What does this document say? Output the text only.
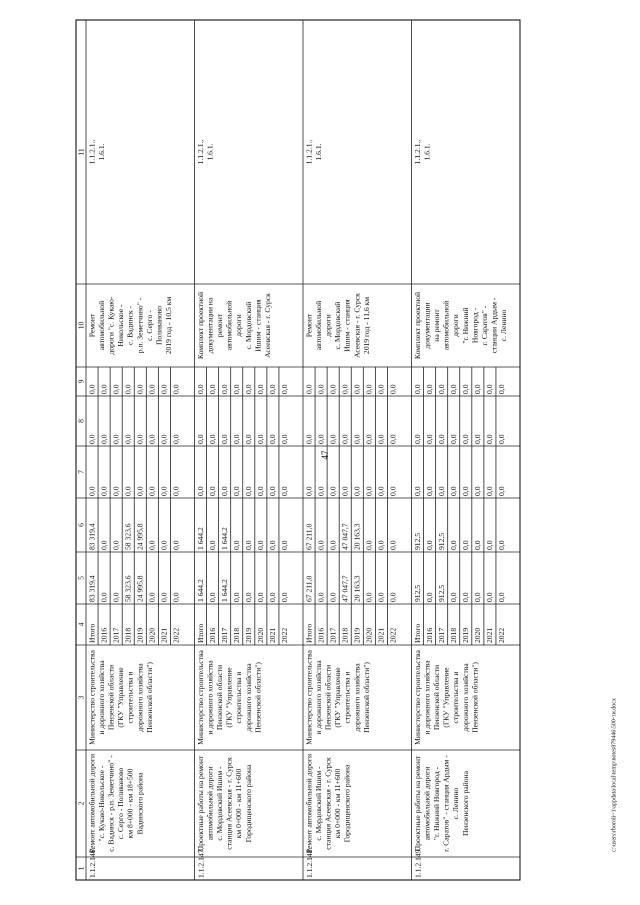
47
c:\users\rboroli~1\appdata\local\temp\notes879446\500-ти.docx
1
2
3
4
5
6
7
8
9
10
11
1.1.2.146.
Ремонт автомобильной дороги "с. Кукаю-Никольское - с. Вадинск - р.п. Земетчино" - с. Серго - Поливаново км 8+000 - км 18+500 Вадинского района
Министерство строительства и дорожного хозяйства Пензенской области (ГКУ "Управление строительства и дорожного хозяйства Пензенской области")
Итого
83 319,4
83 319,4
0,0
0,0
0,0
2016
0,0
0,0
0,0
0,0
0,0
2017
0,0
0,0
0,0
0,0
0,0
2018
58 323,6
58 323,6
0,0
0,0
0,0
2019
24 995,8
24 995,8
0,0
0,0
0,0
2020
0,0
0,0
0,0
0,0
0,0
2021
0,0
0,0
0,0
0,0
0,0
2022
0,0
0,0
0,0
0,0
0,0
Ремонт автомобильной дороги "с. Кукаю- Никольское - с. Вадинск - р.п. Земетчино" - с. Серго - Поливаново 2019 год - 10,5 км
1.1.2.1., 1.6.1.
1.1.2.147.
Проектные работы на ремонт автомобильной дороги с. Мордовский Ишим - станция Асеевская - г. Сурск км 0+000 - км 11+600 Городищенского района
Министерство строительства и дорожного хозяйства Пензенской области (ГКУ "Управление строительства и дорожного хозяйства Пензенской области")
Итого
1 644,2
1 644,2
0,0
0,0
0,0
2016
0,0
0,0
0,0
0,0
0,0
2017
1 644,2
1 644,2
0,0
0,0
0,0
2018
0,0
0,0
0,0
0,0
0,0
2019
0,0
0,0
0,0
0,0
0,0
2020
0,0
0,0
0,0
0,0
0,0
2021
0,0
0,0
0,0
0,0
0,0
2022
0,0
0,0
0,0
0,0
0,0
Комплект проектной документации на ремонт автомобильной дороги с. Мордовский Ишим - станция Асеевская - г. Сурск
1.1.2.1., 1.6.1.
1.1.2.148.
Ремонт автомобильной дороги с. Мордовский Ишим - станция Асеевская - г. Сурск км 0+000 - км 11+600 Городищенского района
Министерство строительства и дорожного хозяйства Пензенской области (ГКУ "Управление строительства и дорожного хозяйства Пензенской области")
Итого
67 211,0
67 211,0
0,0
0,0
0,0
2016
0,0
0,0
0,0
0,0
0,0
2017
0,0
0,0
0,0
0,0
0,0
2018
47 047,7
47 047,7
0,0
0,0
0,0
2019
20 163,3
20 163,3
0,0
0,0
0,0
2020
0,0
0,0
0,0
0,0
0,0
2021
0,0
0,0
0,0
0,0
0,0
2022
0,0
0,0
0,0
0,0
0,0
Ремонт автомобильной дороги с. Мордовский Ишим - станция Асеевская - г. Сурск 2019 год - 11,6 км
1.1.2.1., 1.6.1.
1.1.2.149.
Проектные работы на ремонт автомобильной дороги "г. Нижний Новгород - г. Саратов" - станция Ардым - с. Ленино Пензенского района
Министерство строительства и дорожного хозяйства Пензенской области (ГКУ "Управление строительства и дорожного хозяйства Пензенской области")
Итого
912,5
912,5
0,0
0,0
0,0
2016
0,0
0,0
0,0
0,0
0,0
2017
912,5
912,5
0,0
0,0
0,0
2018
0,0
0,0
0,0
0,0
0,0
2019
0,0
0,0
0,0
0,0
0,0
2020
0,0
0,0
0,0
0,0
0,0
2021
0,0
0,0
0,0
0,0
0,0
2022
0,0
0,0
0,0
0,0
0,0
Комплект проектной документации на ремонт автомобильной дороги "г. Нижний Новгород - г. Саратов" - станции Ардым - с. Ленино
1.1.2.1., 1.6.1.
